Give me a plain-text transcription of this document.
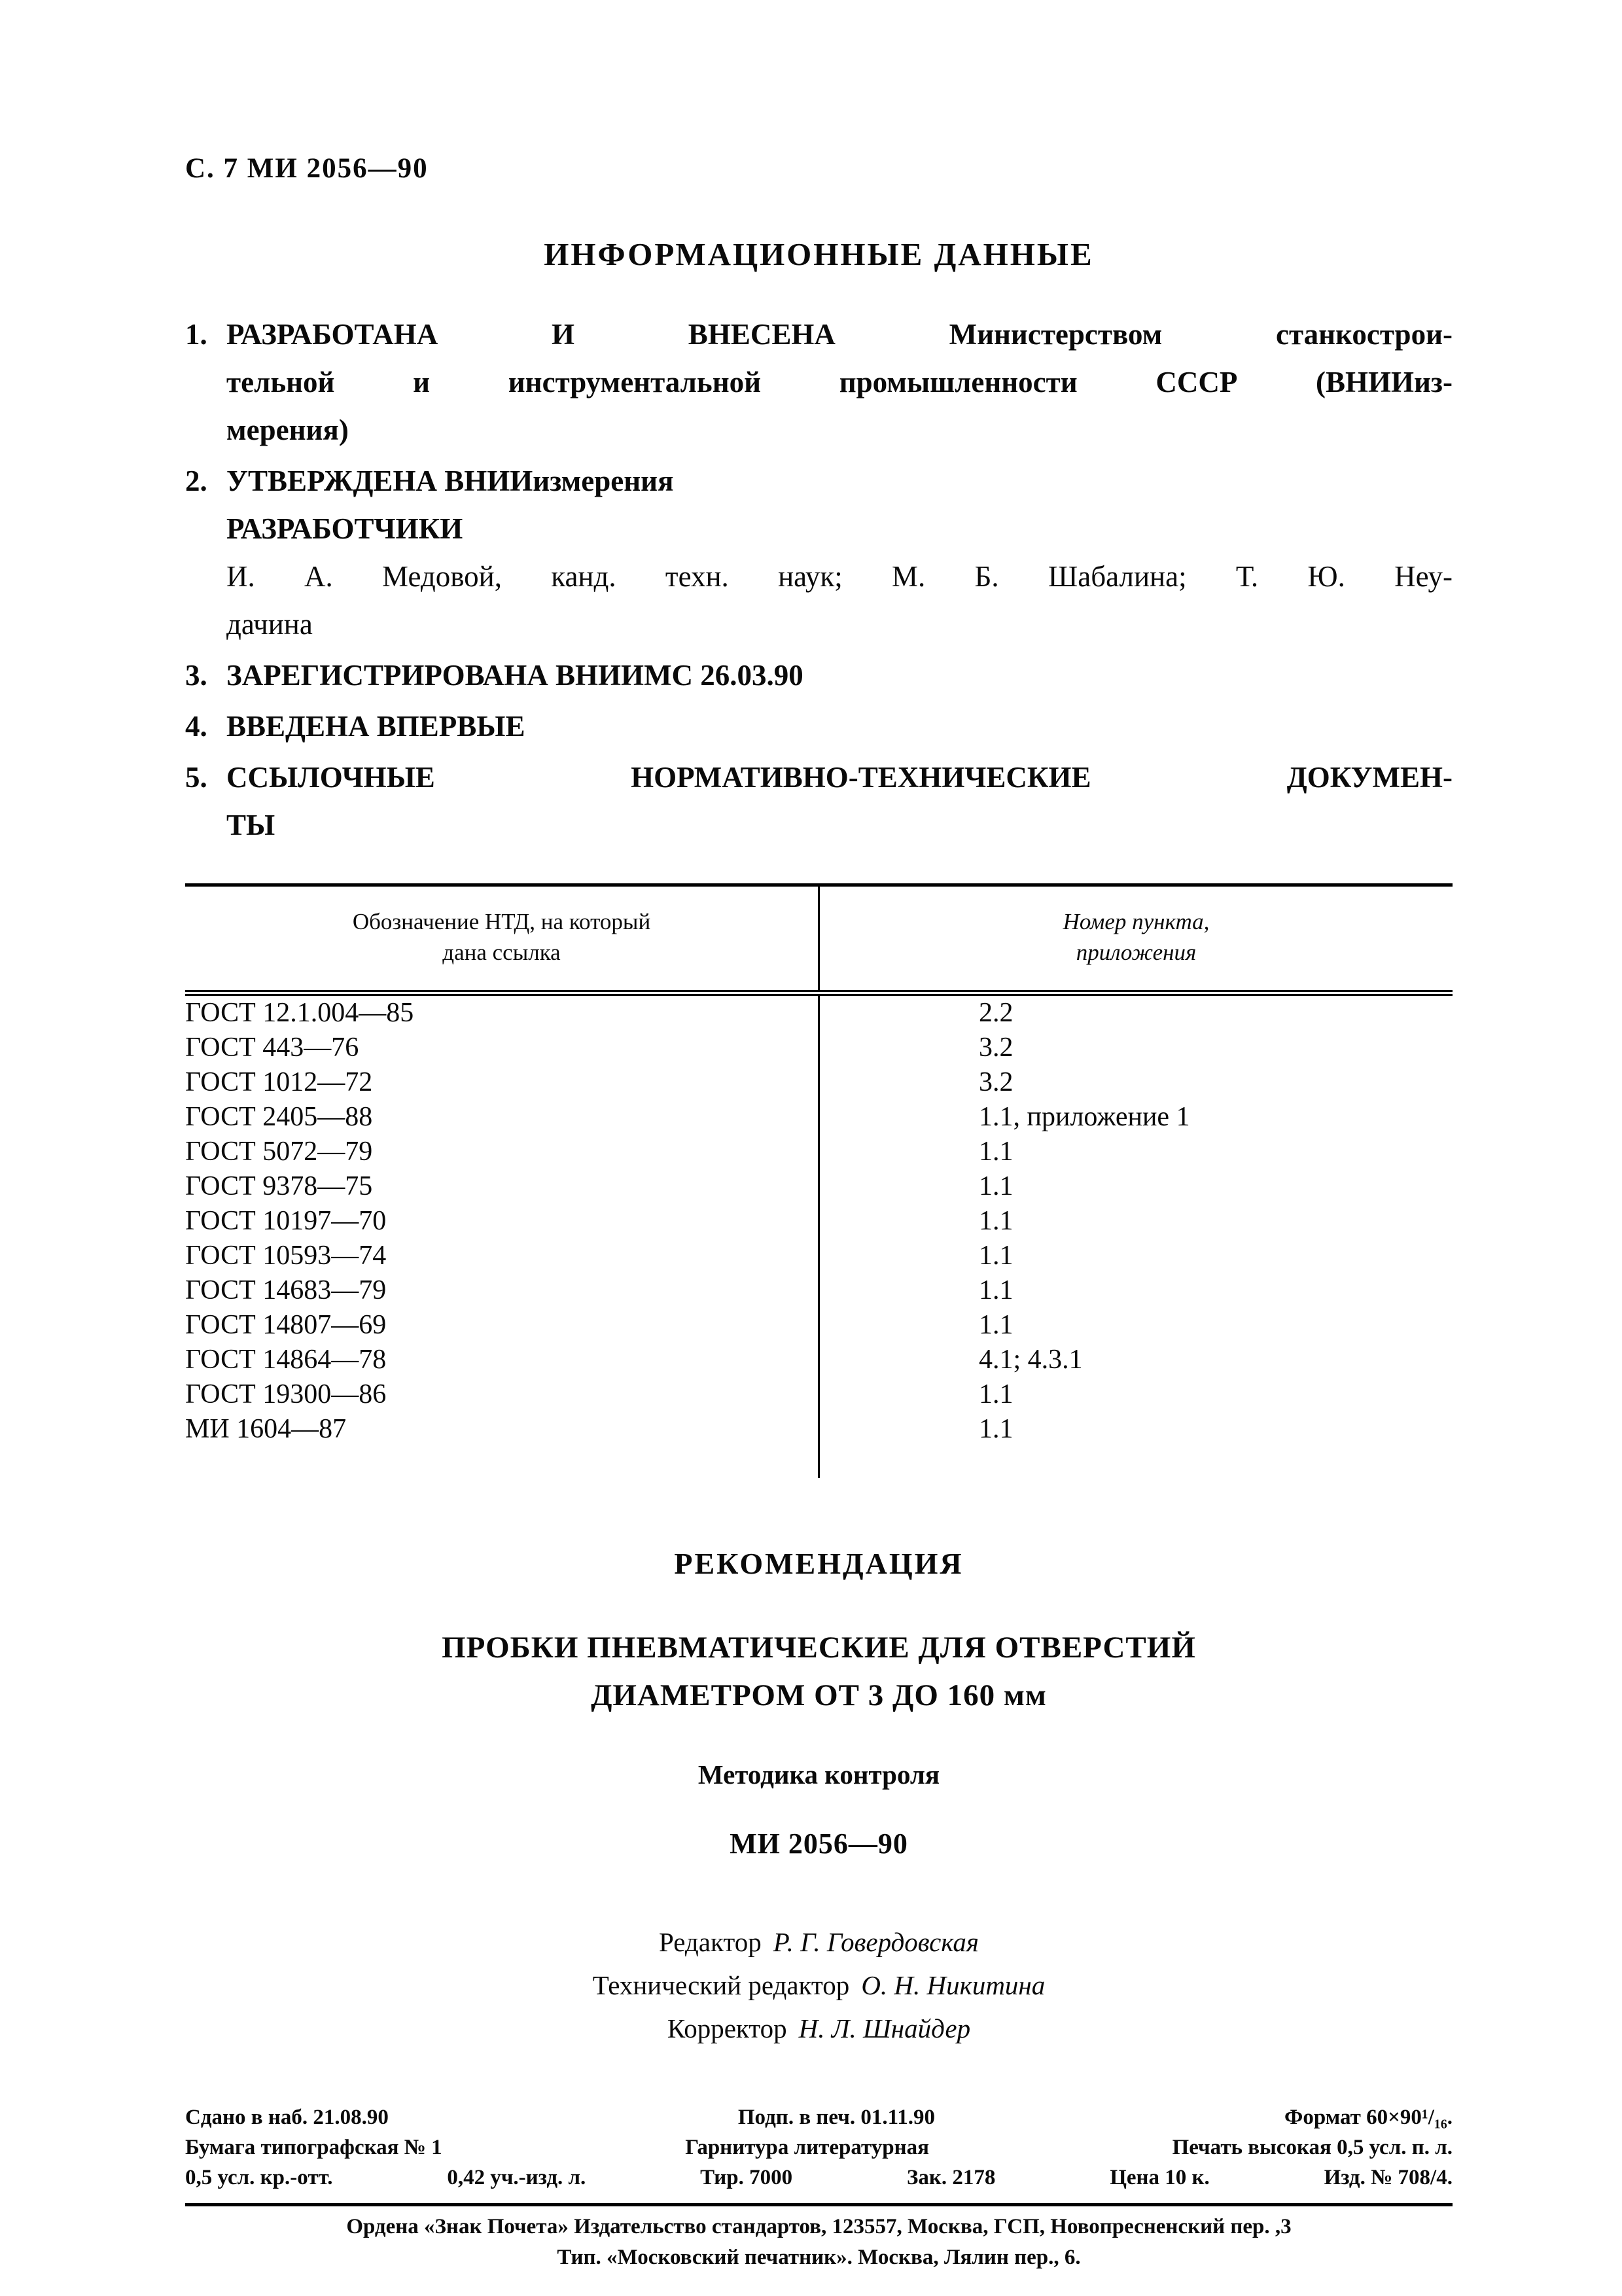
С. 7 МИ 2056—90
ИНФОРМАЦИОННЫЕ ДАННЫЕ
1. РАЗРАБОТАНА И ВНЕСЕНА Министерством станкострои-
тельной и инструментальной промышленности СССР (ВНИИиз-
мерения)
2. УТВЕРЖДЕНА ВНИИизмерения
РАЗРАБОТЧИКИ
И. А. Медовой, канд. техн. наук; М. Б. Шабалина; Т. Ю. Неу-
дачина
3. ЗАРЕГИСТРИРОВАНА ВНИИМС 26.03.90
4. ВВЕДЕНА ВПЕРВЫЕ
5. ССЫЛОЧНЫЕ НОРМАТИВНО-ТЕХНИЧЕСКИЕ ДОКУМЕН-
ТЫ
Обозначение НТД, на который
дана ссылка

Номер пункта,
приложения

ГОСТ 12.1.004—85	2.2
ГОСТ 443—76	3.2
ГОСТ 1012—72	3.2
ГОСТ 2405—88	1.1, приложение 1
ГОСТ 5072—79	1.1
ГОСТ 9378—75	1.1
ГОСТ 10197—70	1.1
ГОСТ 10593—74	1.1
ГОСТ 14683—79	1.1
ГОСТ 14807—69	1.1
ГОСТ 14864—78	4.1; 4.3.1
ГОСТ 19300—86	1.1
МИ 1604—87	1.1

РЕКОМЕНДАЦИЯ
ПРОБКИ ПНЕВМАТИЧЕСКИЕ ДЛЯ ОТВЕРСТИЙ
ДИАМЕТРОМ ОТ 3 ДО 160 мм
Методика контроля
МИ 2056—90
Редактор Р. Г. Говердовская
Технический редактор О. Н. Никитина
Корректор Н. Л. Шнайдер
Сдано в наб. 21.08.90	Подп. в печ. 01.11.90	Формат 60×90¹/₁₆.
Бумага типографская № 1	Гарнитура литературная	Печать высокая 0,5 усл. п. л.
0,5 усл. кр.-отт.	0,42 уч.-изд. л.	Тир. 7000	Зак. 2178	Цена 10 к.	Изд. № 708/4.
Ордена «Знак Почета» Издательство стандартов, 123557, Москва, ГСП, Новопресненский пер. ,3
Тип. «Московский печатник». Москва, Лялин пер., 6.
